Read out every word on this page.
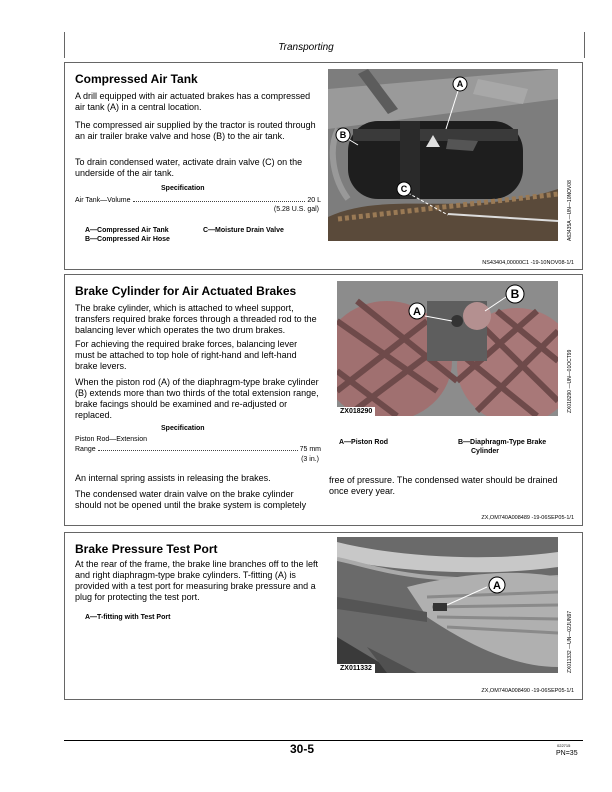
Transporting
Compressed Air Tank
A drill equipped with air actuated brakes has a compressed air tank (A) in a central location.
The compressed air supplied by the tractor is routed through an air trailer brake valve and hose (B) to the air tank.
To drain condensed water, activate drain valve (C) on the underside of the air tank.
Specification
Air Tank—Volume	20 L
(5.28 U.S. gal)
A—Compressed Air Tank
B—Compressed Air Hose
C—Moisture Drain Valve
A
B
C	A63435A —UN—10NOV08
NS43404,00000C1 -19-10NOV08-1/1
Brake Cylinder for Air Actuated Brakes
The brake cylinder, which is attached to wheel support, transfers required brake forces through a threaded rod to the balancing lever which operates the two drum brakes.
For achieving the required brake forces, balancing lever must be attached to top hole of right-hand and left-hand brake levers.
When the piston rod (A) of the diaphragm-type brake cylinder (B) extends more than two thirds of the total extension range, brake facings should be examined and re-adjusted or replaced.
Specification
Piston Rod—Extension
Range	75 mm
(3 in.)
An internal spring assists in releasing the brakes.
The condensed water drain valve on the brake cylinder should not be opened until the brake system is completely
free of pressure. The condensed water should be drained once every year.
A
B
ZX018290	ZX018290 —UN—01OCT99
A—Piston Rod	B—Diaphragm-Type Brake
Cylinder
ZX,OM740A008489 -19-06SEP05-1/1
Brake Pressure Test Port
At the rear of the frame, the brake line branches off to the left and right diaphragm-type brake cylinders. T-fitting (A) is provided with a test port for measuring brake pressure and a plug for protecting the test port.
A—T-fitting with Test Port
A
ZX011332	ZX011332 —UN—02JUN97
ZX,OM740A008490 -19-06SEP05-1/1
30-5	022715
PN=35
